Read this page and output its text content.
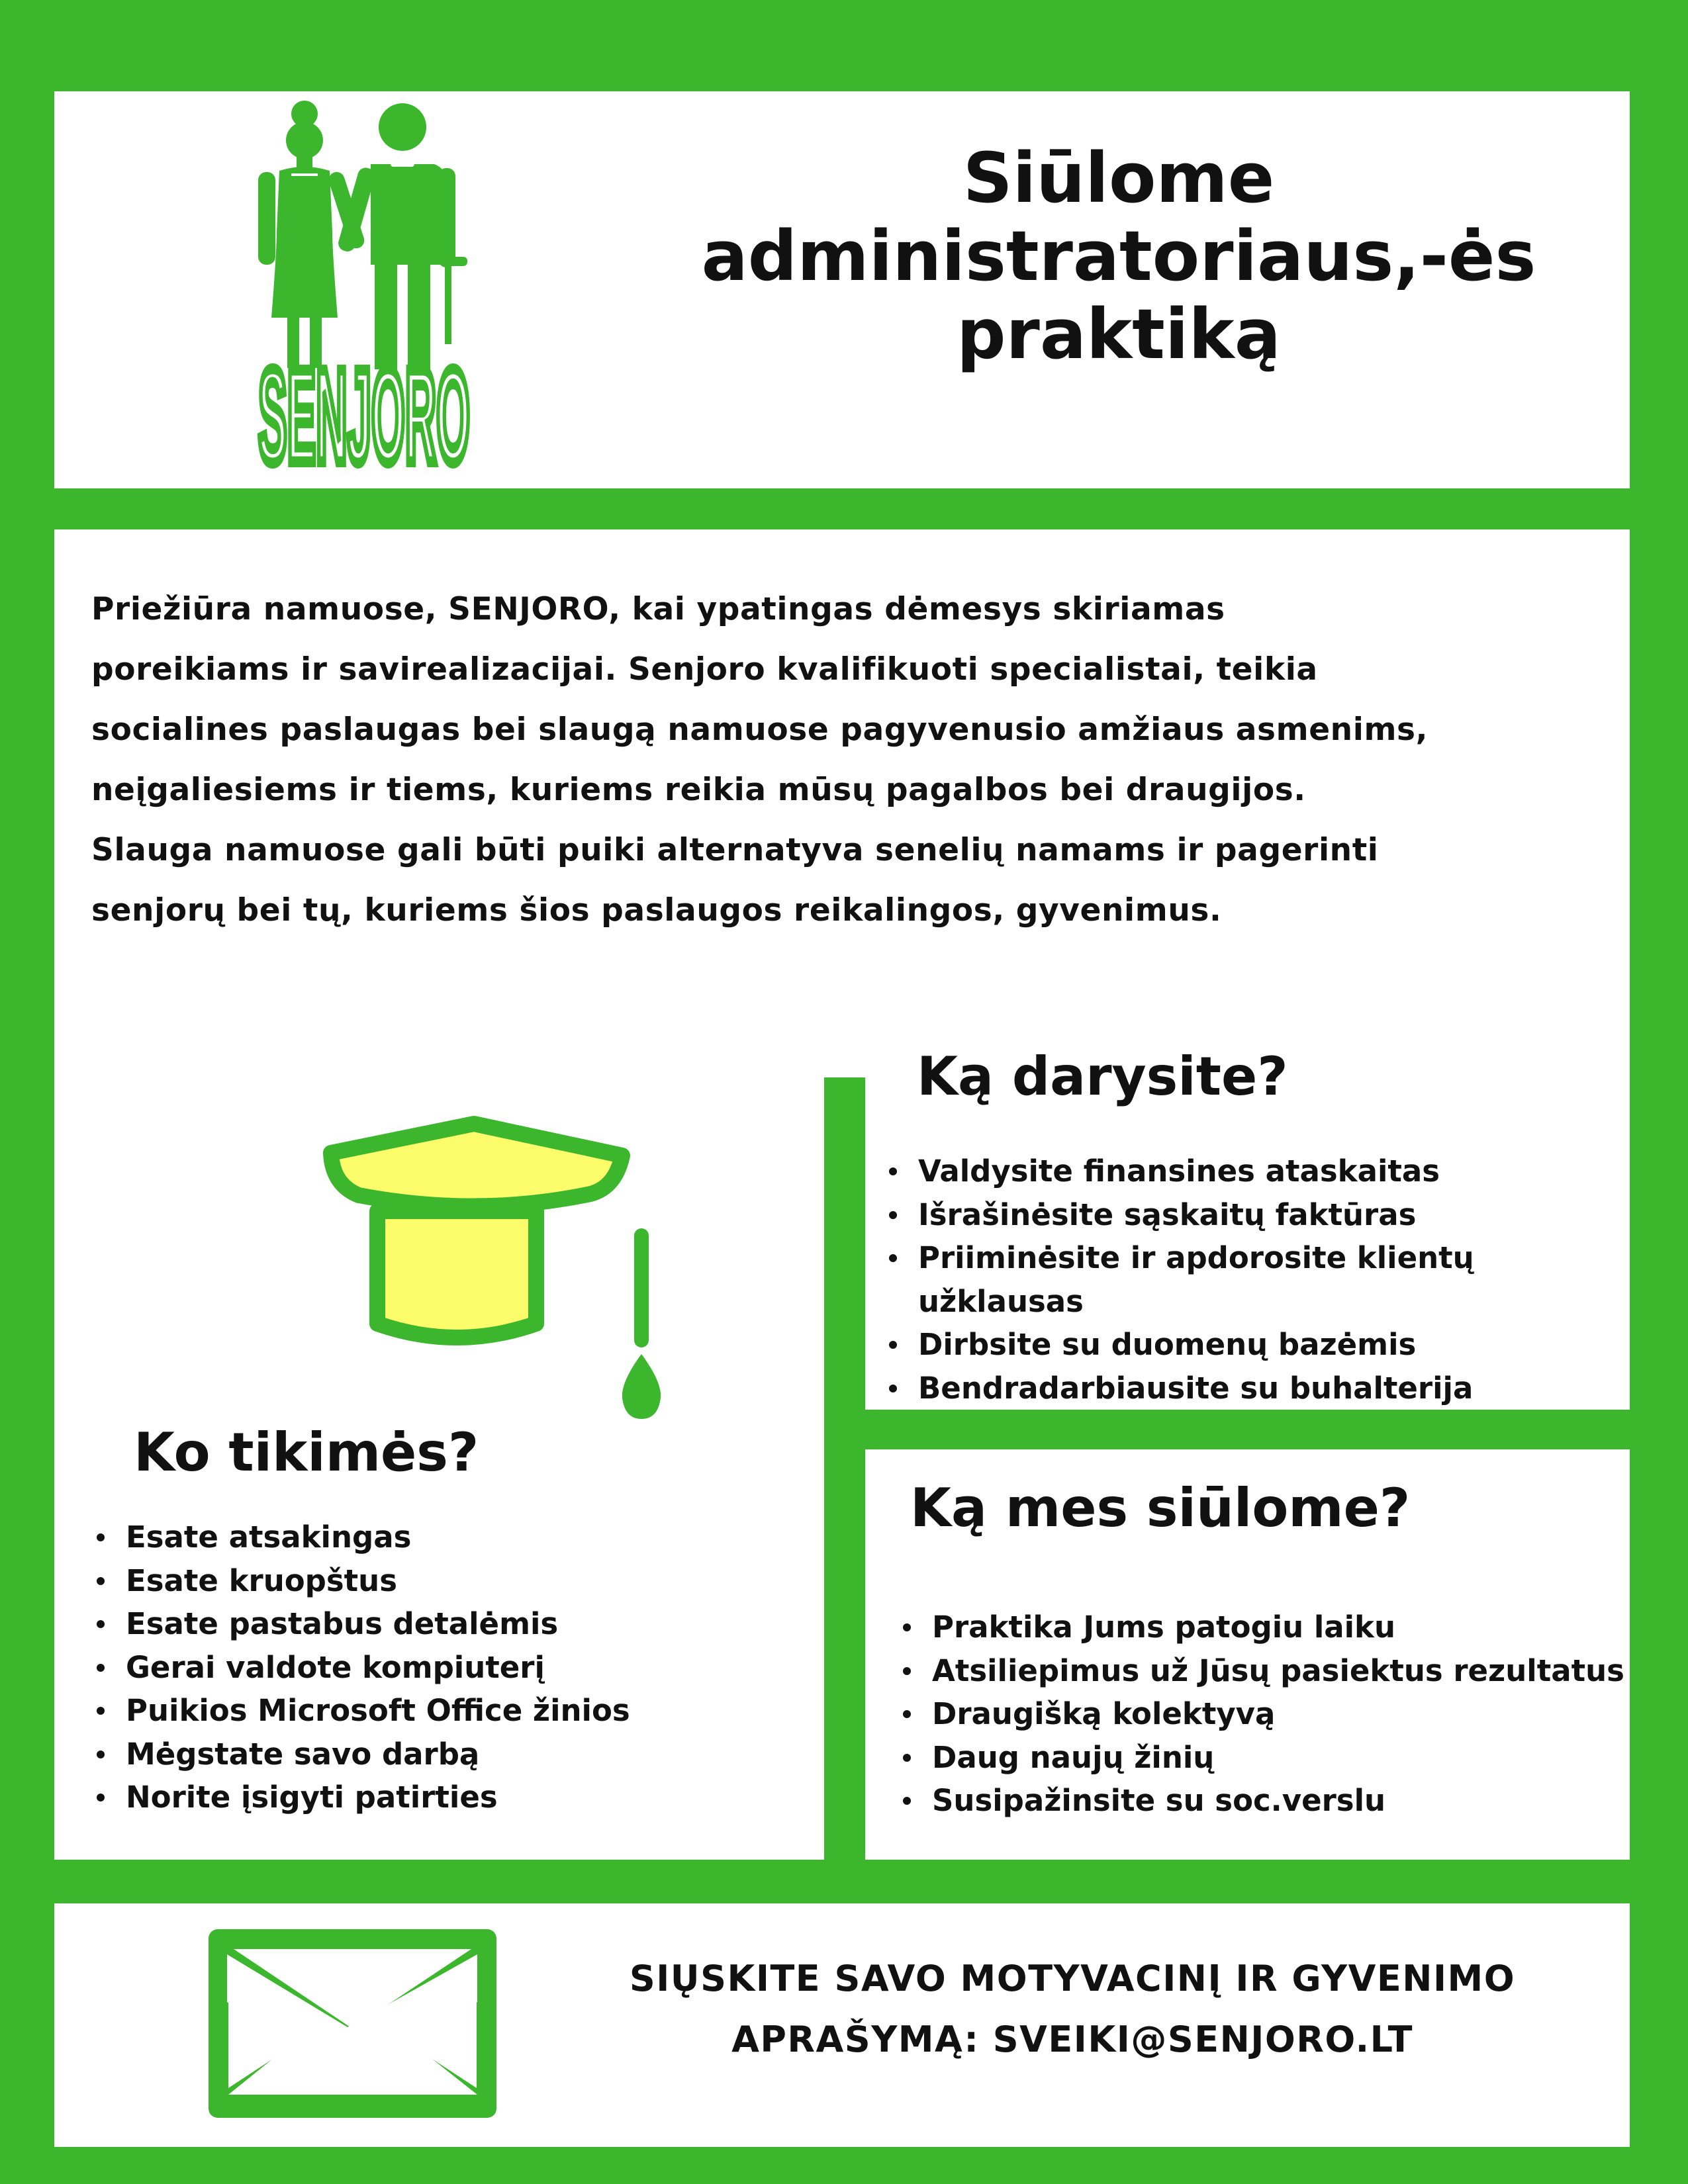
SENJORO
Siūlome
administratoriaus,-ės
praktiką

Priežiūra namuose, SENJORO, kai ypatingas dėmesys skiriamas
poreikiams ir savirealizacijai. Senjoro kvalifikuoti specialistai, teikia
socialines paslaugas bei slaugą namuose pagyvenusio amžiaus asmenims,
neįgaliesiems ir tiems, kuriems reikia mūsų pagalbos bei draugijos.
Slauga namuose gali būti puiki alternatyva senelių namams ir pagerinti
senjorų bei tų, kuriems šios paslaugos reikalingos, gyvenimus.

Ko tikimės?
Esate atsakingas
Esate kruopštus
Esate pastabus detalėmis
Gerai valdote kompiuterį
Puikios Microsoft Office žinios
Mėgstate savo darbą
Norite įsigyti patirties
Ką darysite?
Valdysite finansines ataskaitas
Išrašinėsite sąskaitų faktūras
Priiminėsite ir apdorosite klientų
užklausas
Dirbsite su duomenų bazėmis
Bendradarbiausite su buhalterija
Ką mes siūlome?
Praktika Jums patogiu laiku
Atsiliepimus už Jūsų pasiektus rezultatus
Draugišką kolektyvą
Daug naujų žinių
Susipažinsite su soc.verslu

SIŲSKITE SAVO MOTYVACINĮ IR GYVENIMO
APRAŠYMĄ: SVEIKI@SENJORO.LT
